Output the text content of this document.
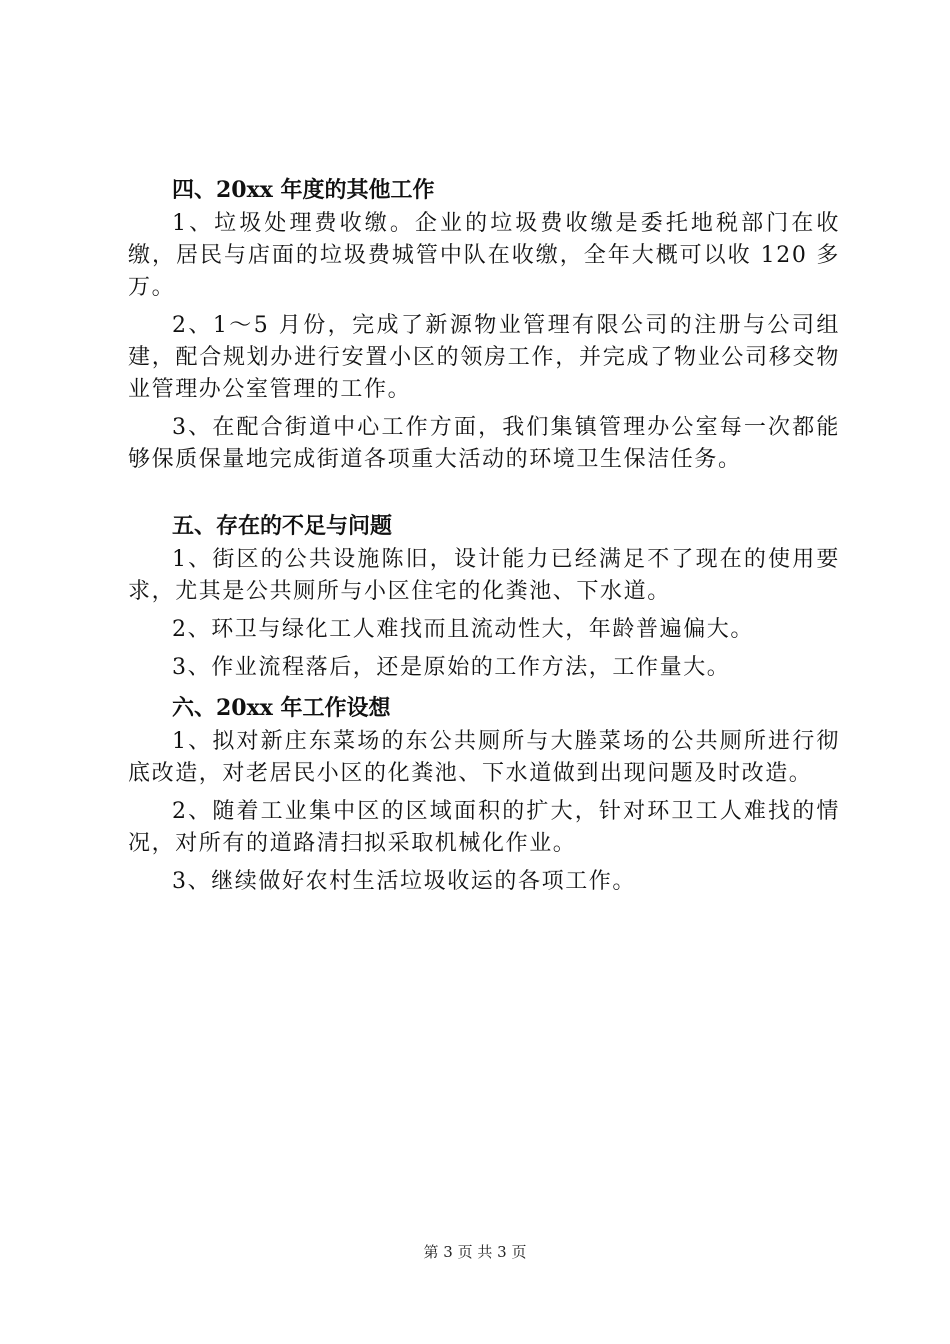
四、20xx 年度的其他工作

1、垃圾处理费收缴。企业的垃圾费收缴是委托地税部门在收缴，居民与店面的垃圾费城管中队在收缴，全年大概可以收 120 多万。

2、1～5 月份，完成了新源物业管理有限公司的注册与公司组建，配合规划办进行安置小区的领房工作，并完成了物业公司移交物业管理办公室管理的工作。

3、在配合街道中心工作方面，我们集镇管理办公室每一次都能够保质保量地完成街道各项重大活动的环境卫生保洁任务。

五、存在的不足与问题

1、街区的公共设施陈旧，设计能力已经满足不了现在的使用要求，尤其是公共厕所与小区住宅的化粪池、下水道。

2、环卫与绿化工人难找而且流动性大，年龄普遍偏大。

3、作业流程落后，还是原始的工作方法，工作量大。

六、20xx 年工作设想

1、拟对新庄东菜场的东公共厕所与大塍菜场的公共厕所进行彻底改造，对老居民小区的化粪池、下水道做到出现问题及时改造。

2、随着工业集中区的区域面积的扩大，针对环卫工人难找的情况，对所有的道路清扫拟采取机械化作业。

3、继续做好农村生活垃圾收运的各项工作。

第 3 页 共 3 页
